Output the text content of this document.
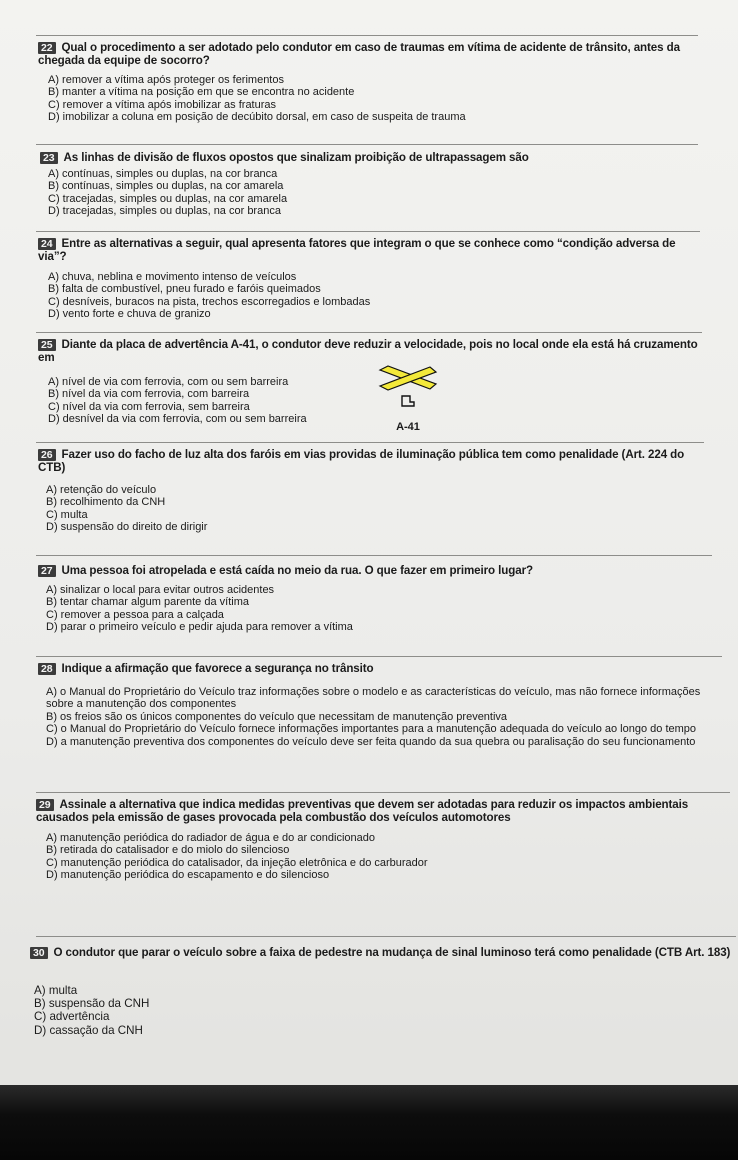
22 Qual o procedimento a ser adotado pelo condutor em caso de traumas em vítima de acidente de trânsito, antes da chegada da equipe de socorro?
A) remover a vítima após proteger os ferimentos
B) manter a vítima na posição em que se encontra no acidente
C) remover a vítima após imobilizar as fraturas
D) imobilizar a coluna em posição de decúbito dorsal, em caso de suspeita de trauma
23 As linhas de divisão de fluxos opostos que sinalizam proibição de ultrapassagem são
A) contínuas, simples ou duplas, na cor branca
B) contínuas, simples ou duplas, na cor amarela
C) tracejadas, simples ou duplas, na cor amarela
D) tracejadas, simples ou duplas, na cor branca
24 Entre as alternativas a seguir, qual apresenta fatores que integram o que se conhece como “condição adversa de via”?
A) chuva, neblina e movimento intenso de veículos
B) falta de combustível, pneu furado e faróis queimados
C) desníveis, buracos na pista, trechos escorregadios e lombadas
D) vento forte e chuva de granizo
25 Diante da placa de advertência A-41, o condutor deve reduzir a velocidade, pois no local onde ela está há cruzamento em
A) nível de via com ferrovia, com ou sem barreira
B) nível da via com ferrovia, com barreira
C) nível da via com ferrovia, sem barreira
D) desnível da via com ferrovia, com ou sem barreira
A-41
26 Fazer uso do facho de luz alta dos faróis em vias providas de iluminação pública tem como penalidade (Art. 224 do CTB)
A) retenção do veículo
B) recolhimento da CNH
C) multa
D) suspensão do direito de dirigir
27 Uma pessoa foi atropelada e está caída no meio da rua. O que fazer em primeiro lugar?
A) sinalizar o local para evitar outros acidentes
B) tentar chamar algum parente da vítima
C) remover a pessoa para a calçada
D) parar o primeiro veículo e pedir ajuda para remover a vítima
28 Indique a afirmação que favorece a segurança no trânsito
A) o Manual do Proprietário do Veículo traz informações sobre o modelo e as características do veículo, mas não fornece informações sobre a manutenção dos componentes
B) os freios são os únicos componentes do veículo que necessitam de manutenção preventiva
C) o Manual do Proprietário do Veículo fornece informações importantes para a manutenção adequada do veículo ao longo do tempo
D) a manutenção preventiva dos componentes do veículo deve ser feita quando da sua quebra ou paralisação do seu funcionamento
29 Assinale a alternativa que indica medidas preventivas que devem ser adotadas para reduzir os impactos ambientais causados pela emissão de gases provocada pela combustão dos veículos automotores
A) manutenção periódica do radiador de água e do ar condicionado
B) retirada do catalisador e do miolo do silencioso
C) manutenção periódica do catalisador, da injeção eletrônica e do carburador
D) manutenção periódica do escapamento e do silencioso
30 O condutor que parar o veículo sobre a faixa de pedestre na mudança de sinal luminoso terá como penalidade (CTB Art. 183)
A) multa
B) suspensão da CNH
C) advertência
D) cassação da CNH
